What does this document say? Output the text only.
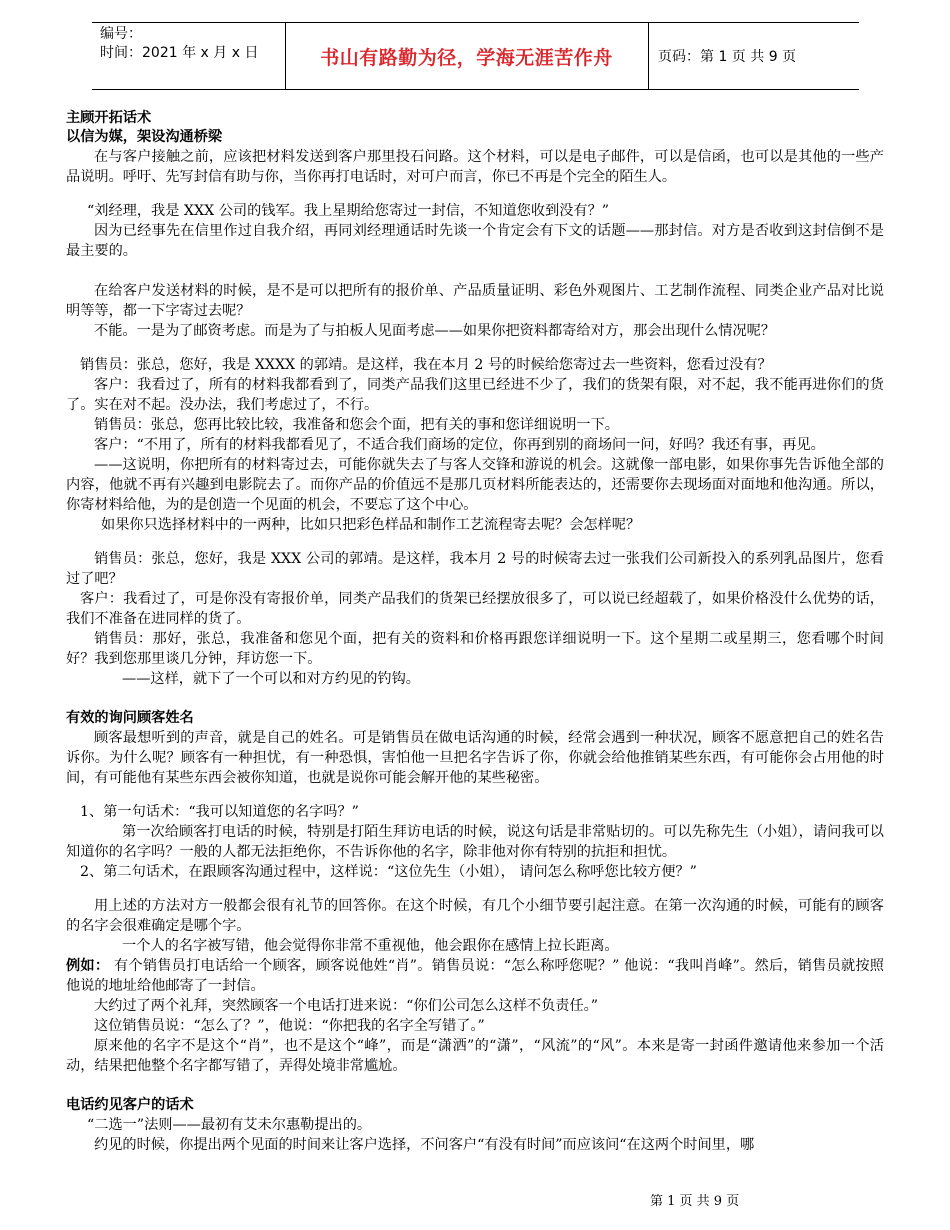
编号：
时间：2021 年 x 月 x 日	书山有路勤为径，学海无涯苦作舟	页码：第 1 页 共 9 页
主顾开拓话术
以信为媒，架设沟通桥梁

在与客户接触之前，应该把材料发送到客户那里投石问路。这个材料，可以是电子邮件，可以是信函，也可以是其他的一些产品说明。呼吁、先写封信有助与你，当你再打电话时，对可户而言，你已不再是个完全的陌生人。

“刘经理，我是 XXX 公司的钱军。我上星期给您寄过一封信，不知道您收到没有？”

因为已经事先在信里作过自我介绍，再同刘经理通话时先谈一个肯定会有下文的话题——那封信。对方是否收到这封信倒不是最主要的。

在给客户发送材料的时候，是不是可以把所有的报价单、产品质量证明、彩色外观图片、工艺制作流程、同类企业产品对比说明等等，都一下字寄过去呢？

不能。一是为了邮资考虑。而是为了与拍板人见面考虑——如果你把资料都寄给对方，那会出现什么情况呢？

销售员：张总，您好，我是 XXXX 的郭靖。是这样，我在本月 2 号的时候给您寄过去一些资料，您看过没有？

客户：我看过了，所有的材料我都看到了，同类产品我们这里已经进不少了，我们的货架有限，对不起，我不能再进你们的货了。实在对不起。没办法，我们考虑过了，不行。

销售员：张总，您再比较比较，我准备和您会个面，把有关的事和您详细说明一下。

客户：“不用了，所有的材料我都看见了，不适合我们商场的定位，你再到别的商场问一问，好吗？我还有事，再见。

——这说明，你把所有的材料寄过去，可能你就失去了与客人交锋和游说的机会。这就像一部电影，如果你事先告诉他全部的内容，他就不再有兴趣到电影院去了。而你产品的价值远不是那几页材料所能表达的，还需要你去现场面对面地和他沟通。所以，你寄材料给他，为的是创造一个见面的机会，不要忘了这个中心。

如果你只选择材料中的一两种，比如只把彩色样品和制作工艺流程寄去呢？会怎样呢？

销售员：张总，您好，我是 XXX 公司的郭靖。是这样，我本月 2 号的时候寄去过一张我们公司新投入的系列乳品图片，您看过了吧？

客户：我看过了，可是你没有寄报价单，同类产品我们的货架已经摆放很多了，可以说已经超载了，如果价格没什么优势的话，我们不准备在进同样的货了。

销售员：那好，张总，我准备和您见个面，把有关的资料和价格再跟您详细说明一下。这个星期二或星期三，您看哪个时间好？我到您那里谈几分钟，拜访您一下。

——这样，就下了一个可以和对方约见的钓钩。

有效的询问顾客姓名

顾客最想听到的声音，就是自己的姓名。可是销售员在做电话沟通的时候，经常会遇到一种状况，顾客不愿意把自己的姓名告诉你。为什么呢？顾客有一种担忧，有一种恐惧，害怕他一旦把名字告诉了你，你就会给他推销某些东西，有可能你会占用他的时间，有可能他有某些东西会被你知道，也就是说你可能会解开他的某些秘密。

1、第一句话术：“我可以知道您的名字吗？”

第一次给顾客打电话的时候，特别是打陌生拜访电话的时候，说这句话是非常贴切的。可以先称先生（小姐），请问我可以知道你的名字吗？一般的人都无法拒绝你，不告诉你他的名字，除非他对你有特别的抗拒和担忧。

2、第二句话术，在跟顾客沟通过程中，这样说：“这位先生（小姐）， 请问怎么称呼您比较方便？”

用上述的方法对方一般都会很有礼节的回答你。在这个时候，有几个小细节要引起注意。在第一次沟通的时候，可能有的顾客的名字会很难确定是哪个字。

一个人的名字被写错，他会觉得你非常不重视他，他会跟你在感情上拉长距离。

例如： 有个销售员打电话给一个顾客，顾客说他姓“肖”。销售员说：“怎么称呼您呢？” 他说：“我叫肖峰”。然后，销售员就按照他说的地址给他邮寄了一封信。

大约过了两个礼拜，突然顾客一个电话打进来说：“你们公司怎么这样不负责任。”

这位销售员说：“怎么了？”，他说：“你把我的名字全写错了。”

原来他的名字不是这个“肖”，也不是这个“峰”，而是“潇洒”的“潇”，“风流”的“风”。本来是寄一封函件邀请他来参加一个活动，结果把他整个名字都写错了，弄得处境非常尴尬。

电话约见客户的话术

“二选一”法则——最初有艾未尔惠勒提出的。

约见的时候，你提出两个见面的时间来让客户选择，不问客户“有没有时间”而应该问“在这两个时间里，哪

第 1 页 共 9 页
